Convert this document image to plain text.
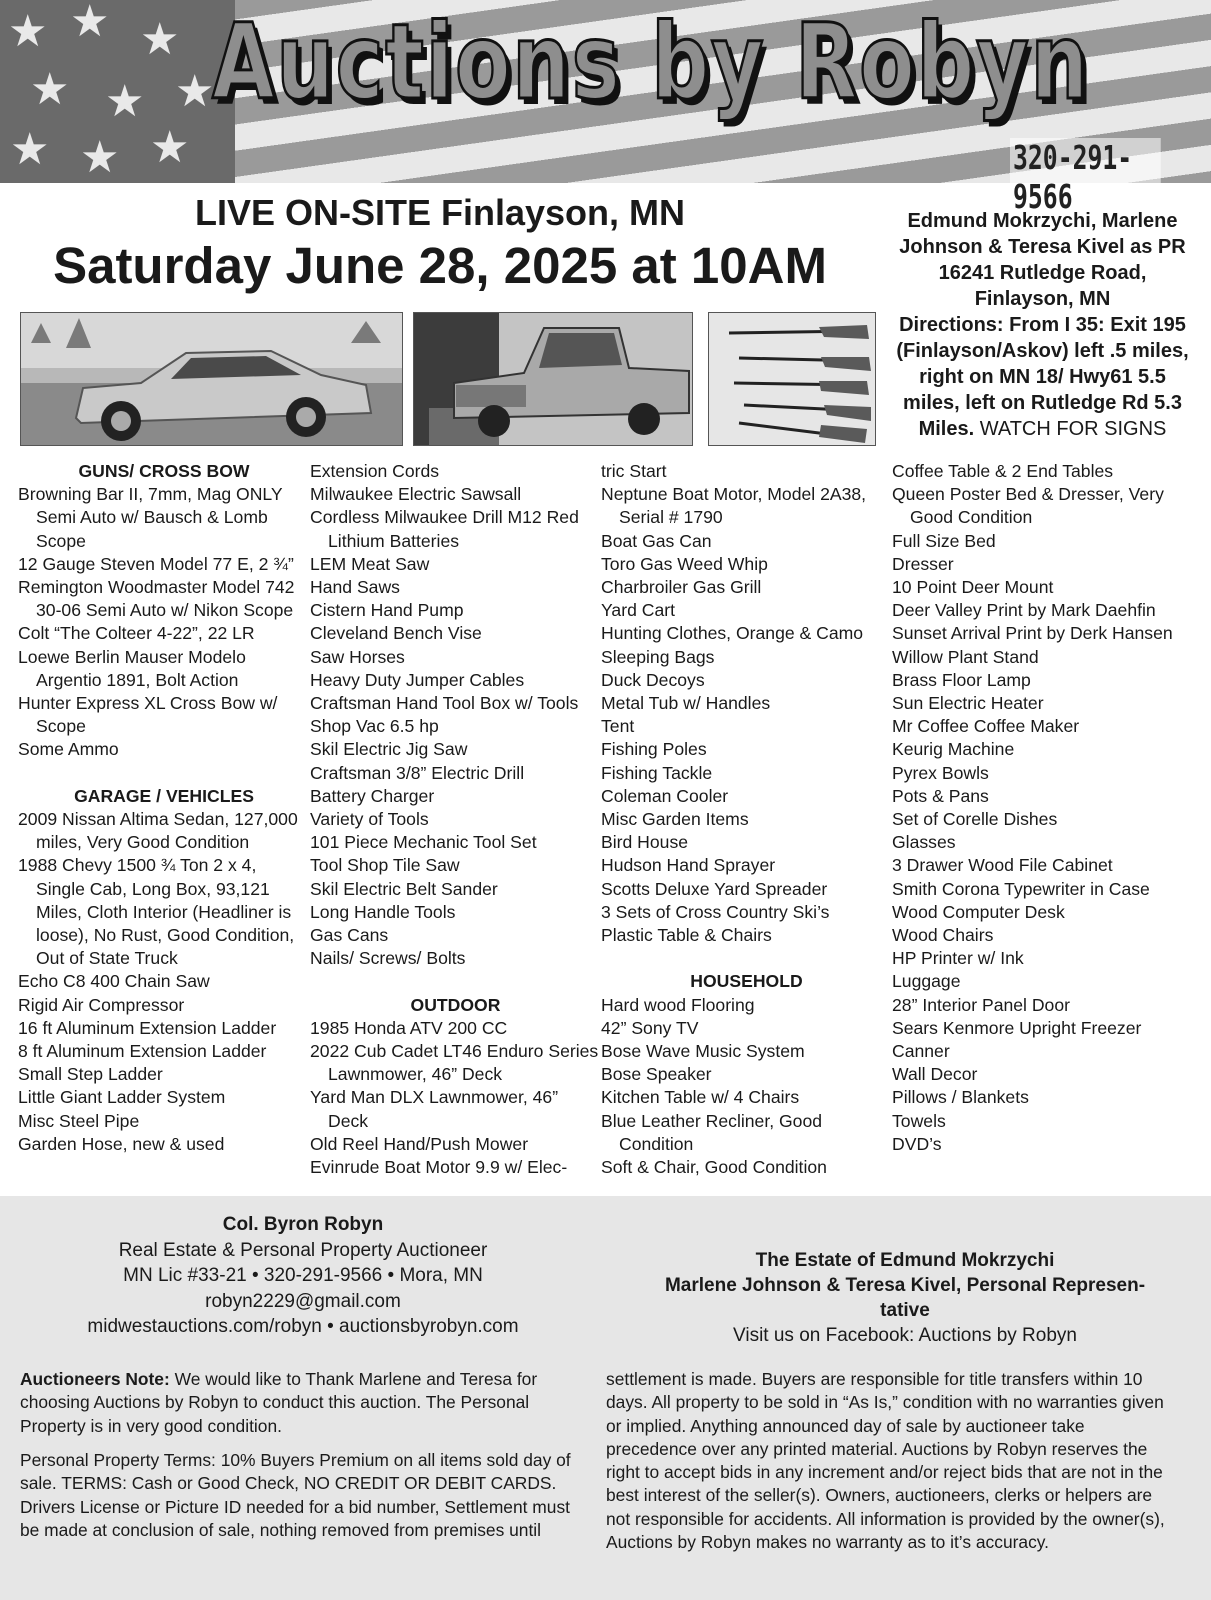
★ ★ ★
★ ★ ★
★ ★ ★
Auctions by Robyn
320-291-9566
LIVE ON-SITE Finlayson, MN
Saturday June 28, 2025 at 10AM
Edmund Mokrzychi, Marlene
Johnson & Teresa Kivel as PR
16241 Rutledge Road,
Finlayson, MN
Directions: From I 35: Exit 195
(Finlayson/Askov) left .5 miles,
right on MN 18/ Hwy61 5.5
miles, left on Rutledge Rd 5.3
Miles. WATCH FOR SIGNS
GUNS/ CROSS BOW
Browning Bar II, 7mm, Mag ONLY Semi Auto w/ Bausch & Lomb Scope
12 Gauge Steven Model 77 E, 2 ¾”
Remington Woodmaster Model 742 30-06 Semi Auto w/ Nikon Scope
Colt “The Colteer 4-22”, 22 LR
Loewe Berlin Mauser Modelo Argentio 1891, Bolt Action
Hunter Express XL Cross Bow w/ Scope
Some Ammo
GARAGE / VEHICLES
2009 Nissan Altima Sedan, 127,000 miles, Very Good Condition
1988 Chevy 1500 ¾ Ton 2 x 4, Single Cab, Long Box, 93,121 Miles, Cloth Interior (Headliner is loose), No Rust, Good Condition, Out of State Truck
Echo C8 400 Chain Saw
Rigid Air Compressor
16 ft Aluminum Extension Ladder
8 ft Aluminum Extension Ladder
Small Step Ladder
Little Giant Ladder System
Misc Steel Pipe
Garden Hose, new & used
Extension Cords
Milwaukee Electric Sawsall
Cordless Milwaukee Drill M12 Red Lithium Batteries
LEM Meat Saw
Hand Saws
Cistern Hand Pump
Cleveland Bench Vise
Saw Horses
Heavy Duty Jumper Cables
Craftsman Hand Tool Box w/ Tools
Shop Vac 6.5 hp
Skil Electric Jig Saw
Craftsman 3/8” Electric Drill
Battery Charger
Variety of Tools
101 Piece Mechanic Tool Set
Tool Shop Tile Saw
Skil Electric Belt Sander
Long Handle Tools
Gas Cans
Nails/ Screws/ Bolts
OUTDOOR
1985 Honda ATV 200 CC
2022 Cub Cadet LT46 Enduro Series Lawnmower, 46” Deck
Yard Man DLX Lawnmower, 46” Deck
Old Reel Hand/Push Mower
Evinrude Boat Motor 9.9 w/ Elec-
tric Start
Neptune Boat Motor, Model 2A38, Serial # 1790
Boat Gas Can
Toro Gas Weed Whip
Charbroiler Gas Grill
Yard Cart
Hunting Clothes, Orange & Camo
Sleeping Bags
Duck Decoys
Metal Tub w/ Handles
Tent
Fishing Poles
Fishing Tackle
Coleman Cooler
Misc Garden Items
Bird House
Hudson Hand Sprayer
Scotts Deluxe Yard Spreader
3 Sets of Cross Country Ski’s
Plastic Table & Chairs
HOUSEHOLD
Hard wood Flooring
42” Sony TV
Bose Wave Music System
Bose Speaker
Kitchen Table w/ 4 Chairs
Blue Leather Recliner, Good Condition
Soft & Chair, Good Condition
Coffee Table & 2 End Tables
Queen Poster Bed & Dresser, Very Good Condition
Full Size Bed
Dresser
10 Point Deer Mount
Deer Valley Print by Mark Daehfin
Sunset Arrival Print by Derk Hansen
Willow Plant Stand
Brass Floor Lamp
Sun Electric Heater
Mr Coffee Coffee Maker
Keurig Machine
Pyrex Bowls
Pots & Pans
Set of Corelle Dishes
Glasses
3 Drawer Wood File Cabinet
Smith Corona Typewriter in Case
Wood Computer Desk
Wood Chairs
HP Printer w/ Ink
Luggage
28” Interior Panel Door
Sears Kenmore Upright Freezer
Canner
Wall Decor
Pillows / Blankets
Towels
DVD’s
Col. Byron Robyn
Real Estate & Personal Property Auctioneer
MN Lic #33-21 • 320-291-9566 • Mora, MN
robyn2229@gmail.com
midwestauctions.com/robyn • auctionsbyrobyn.com
The Estate of Edmund Mokrzychi
Marlene Johnson & Teresa Kivel, Personal Represen-
tative
Visit us on Facebook: Auctions by Robyn
Auctioneers Note: We would like to Thank Marlene and Teresa for choosing Auctions by Robyn to conduct this auction. The Personal Property is in very good condition.
Personal Property Terms: 10% Buyers Premium on all items sold day of sale. TERMS: Cash or Good Check, NO CREDIT OR DEBIT CARDS. Drivers License or Picture ID needed for a bid number, Settlement must be made at conclusion of sale, nothing removed from premises until
settlement is made. Buyers are responsible for title transfers within 10 days. All property to be sold in “As Is,” condition with no warranties given or implied. Anything announced day of sale by auctioneer take precedence over any printed material. Auctions by Robyn reserves the right to accept bids in any increment and/or reject bids that are not in the best interest of the seller(s). Owners, auctioneers, clerks or helpers are not responsible for accidents. All information is provided by the owner(s), Auctions by Robyn makes no warranty as to it’s accuracy.
